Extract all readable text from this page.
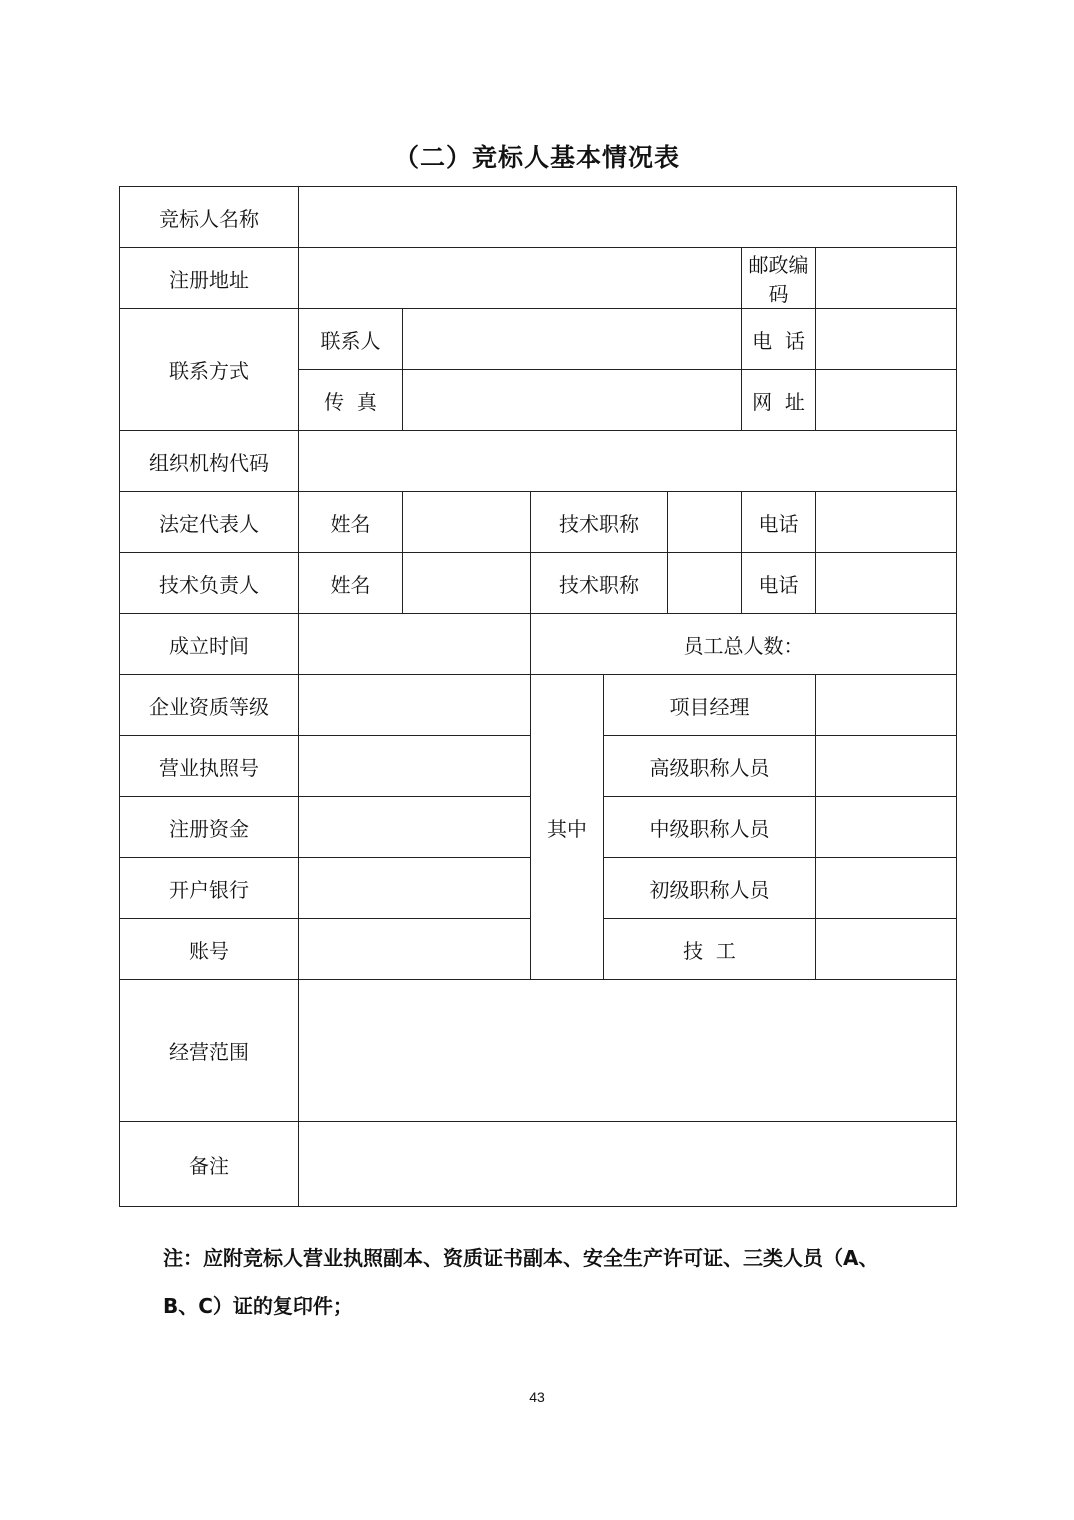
（二）竞标人基本情况表
竞标人名称							
注册地址						邮政编码	
联系方式	联系人					电  话	
	传  真					网  址	
组织机构代码							
法定代表人	姓名		技术职称			电话	
技术负责人	姓名		技术职称			电话	
成立时间			员工总人数：				
企业资质等级			其中	项目经理			
营业执照号				高级职称人员			
注册资金				中级职称人员			
开户银行				初级职称人员			
账号				技  工			
经营范围							
备注							
注：应附竞标人营业执照副本、资质证书副本、安全生产许可证、三类人员（A、
B、C）证的复印件；
43
